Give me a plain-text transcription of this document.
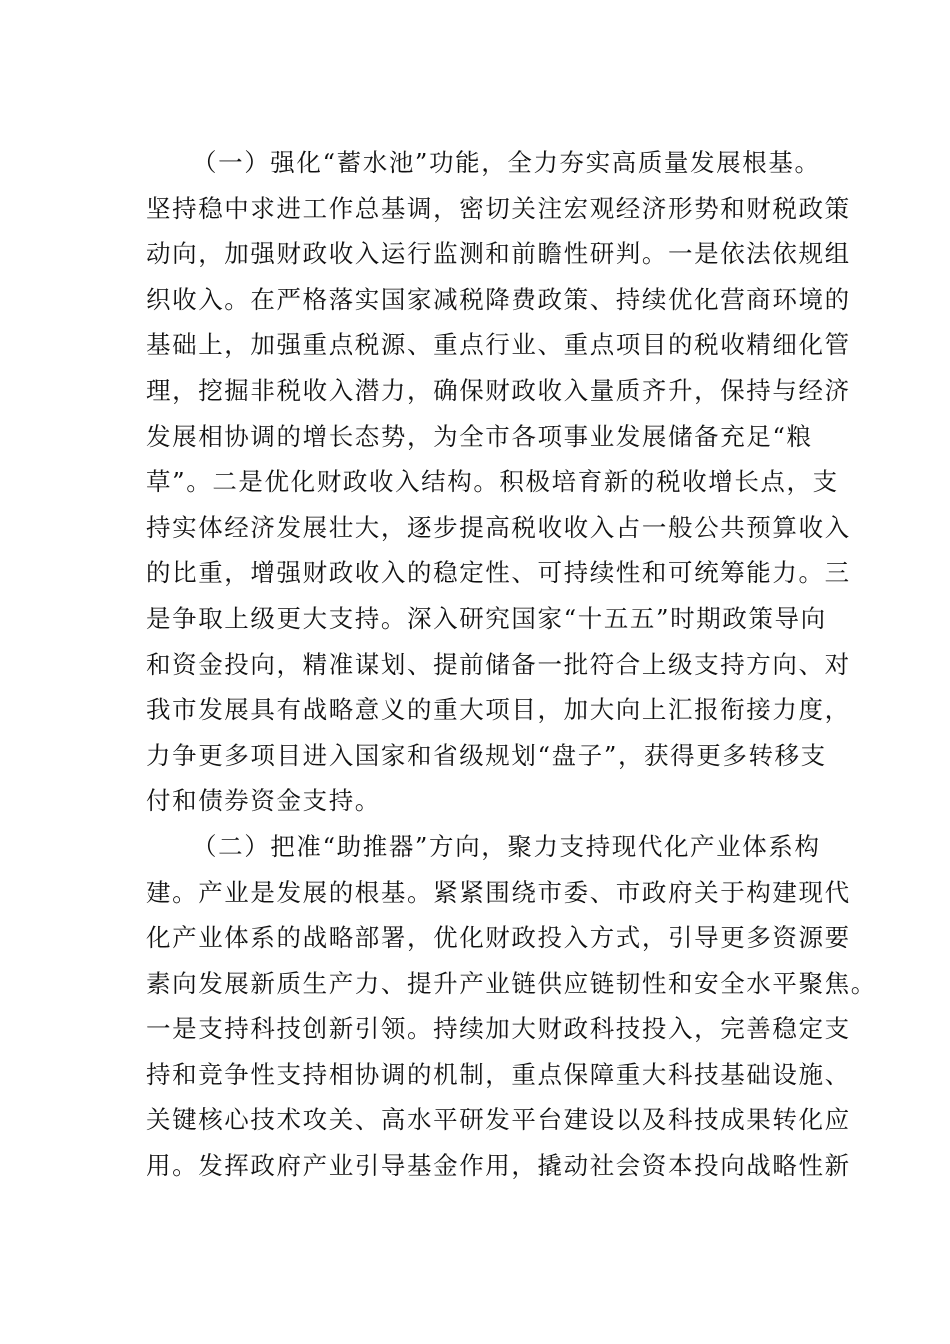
（一）强化“蓄水池”功能，全力夯实高质量发展根基。
坚持稳中求进工作总基调，密切关注宏观经济形势和财税政策
动向，加强财政收入运行监测和前瞻性研判。一是依法依规组
织收入。在严格落实国家减税降费政策、持续优化营商环境的
基础上，加强重点税源、重点行业、重点项目的税收精细化管
理，挖掘非税收入潜力，确保财政收入量质齐升，保持与经济
发展相协调的增长态势，为全市各项事业发展储备充足“粮
草”。二是优化财政收入结构。积极培育新的税收增长点，支
持实体经济发展壮大，逐步提高税收收入占一般公共预算收入
的比重，增强财政收入的稳定性、可持续性和可统筹能力。三
是争取上级更大支持。深入研究国家“十五五”时期政策导向
和资金投向，精准谋划、提前储备一批符合上级支持方向、对
我市发展具有战略意义的重大项目，加大向上汇报衔接力度，
力争更多项目进入国家和省级规划“盘子”，获得更多转移支
付和债券资金支持。
（二）把准“助推器”方向，聚力支持现代化产业体系构
建。产业是发展的根基。紧紧围绕市委、市政府关于构建现代
化产业体系的战略部署，优化财政投入方式，引导更多资源要
素向发展新质生产力、提升产业链供应链韧性和安全水平聚焦。
一是支持科技创新引领。持续加大财政科技投入，完善稳定支
持和竞争性支持相协调的机制，重点保障重大科技基础设施、
关键核心技术攻关、高水平研发平台建设以及科技成果转化应
用。发挥政府产业引导基金作用，撬动社会资本投向战略性新
